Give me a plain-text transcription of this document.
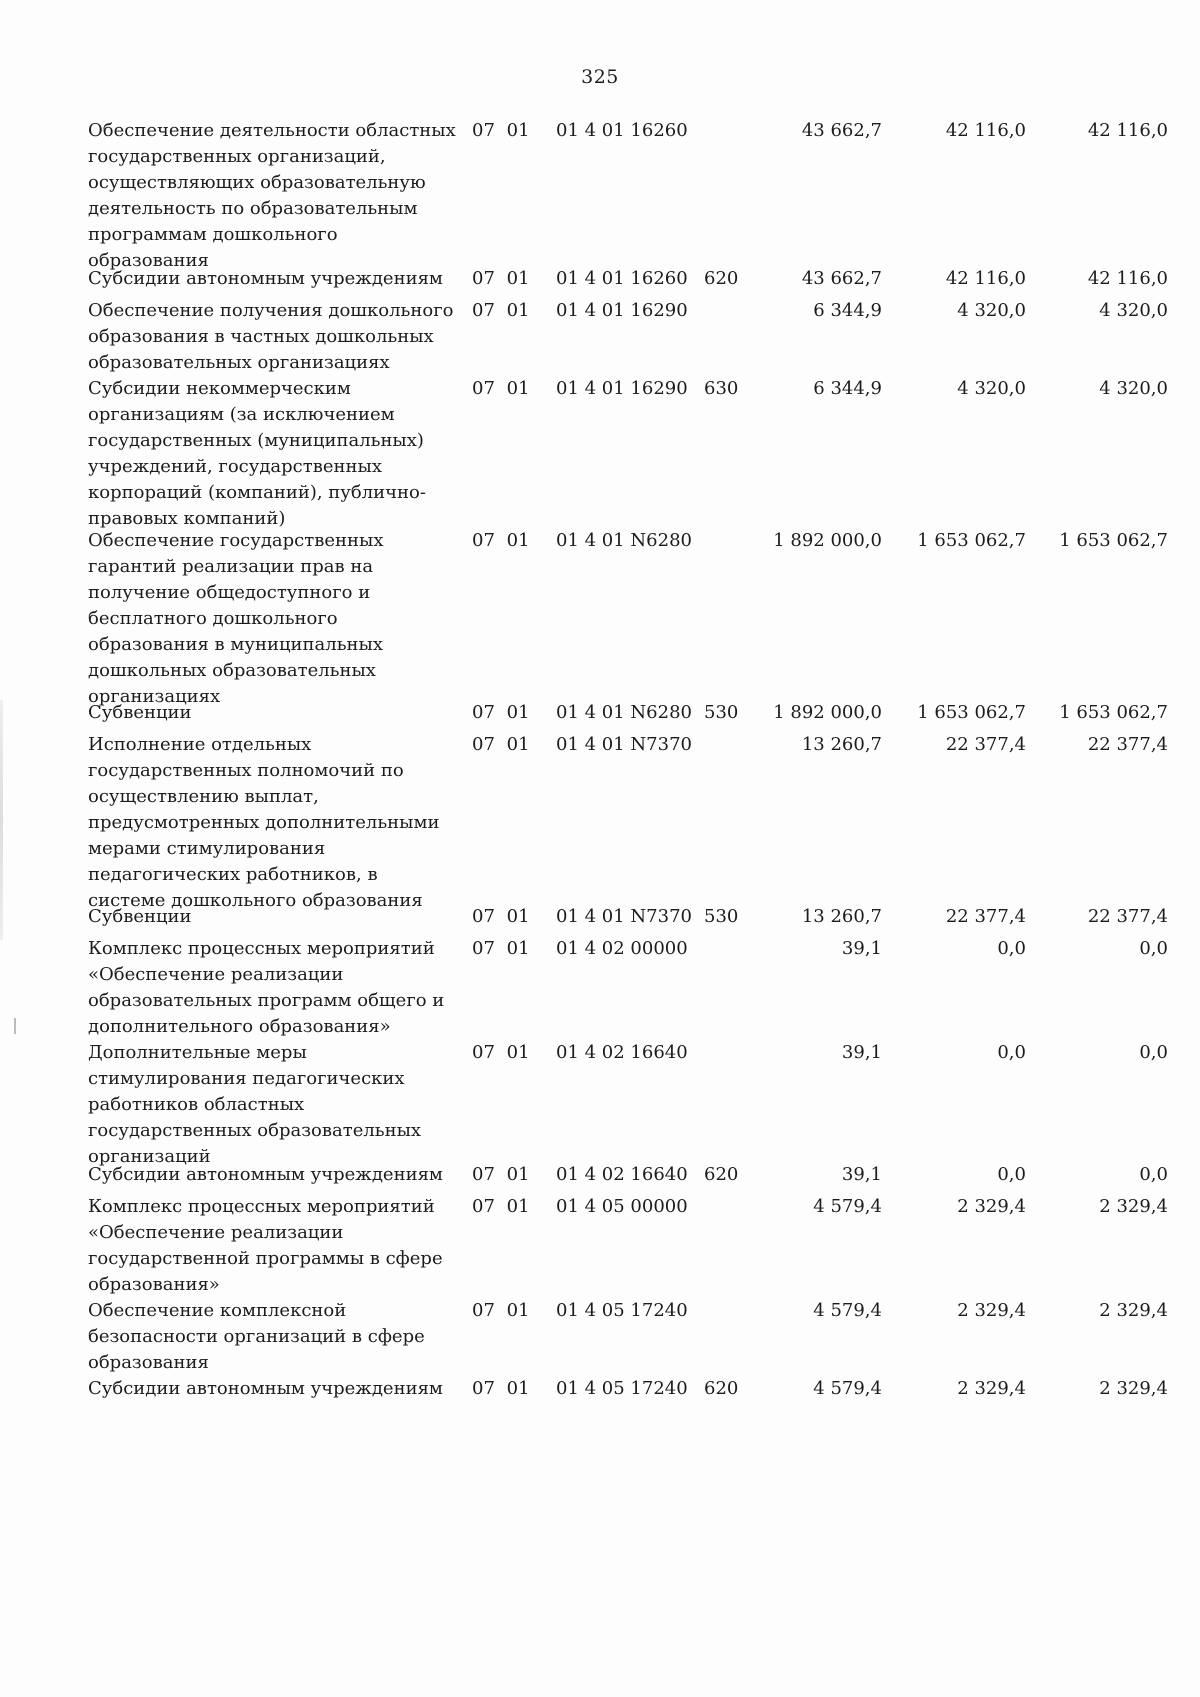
325
Обеспечение деятельности областных
государственных организаций,
осуществляющих образовательную
деятельность по образовательным
программам дошкольного
образования
07 01	01 4 01 16260	43 662,7	42 116,0	42 116,0
Субсидии автономным учреждениям	07 01	01 4 01 16260 620	43 662,7	42 116,0	42 116,0
Обеспечение получения дошкольного
образования в частных дошкольных
образовательных организациях
07 01	01 4 01 16290	6 344,9	4 320,0	4 320,0
Субсидии некоммерческим
организациям (за исключением
государственных (муниципальных)
учреждений, государственных
корпораций (компаний), публично-
правовых компаний)
07 01	01 4 01 16290 630	6 344,9	4 320,0	4 320,0
Обеспечение государственных
гарантий реализации прав на
получение общедоступного и
бесплатного дошкольного
образования в муниципальных
дошкольных образовательных
организациях
07 01	01 4 01 N6280	1 892 000,0	1 653 062,7	1 653 062,7
Субвенции	07 01	01 4 01 N6280 530	1 892 000,0	1 653 062,7	1 653 062,7
Исполнение отдельных
государственных полномочий по
осуществлению выплат,
предусмотренных дополнительными
мерами стимулирования
педагогических работников, в
системе дошкольного образования
07 01	01 4 01 N7370	13 260,7	22 377,4	22 377,4
Субвенции	07 01	01 4 01 N7370 530	13 260,7	22 377,4	22 377,4
Комплекс процессных мероприятий
«Обеспечение реализации
образовательных программ общего и
дополнительного образования»
07 01	01 4 02 00000	39,1	0,0	0,0
Дополнительные меры
стимулирования педагогических
работников областных
государственных образовательных
организаций
07 01	01 4 02 16640	39,1	0,0	0,0
Субсидии автономным учреждениям	07 01	01 4 02 16640 620	39,1	0,0	0,0
Комплекс процессных мероприятий
«Обеспечение реализации
государственной программы в сфере
образования»
07 01	01 4 05 00000	4 579,4	2 329,4	2 329,4
Обеспечение комплексной
безопасности организаций в сфере
образования
07 01	01 4 05 17240	4 579,4	2 329,4	2 329,4
Субсидии автономным учреждениям	07 01	01 4 05 17240 620	4 579,4	2 329,4	2 329,4
